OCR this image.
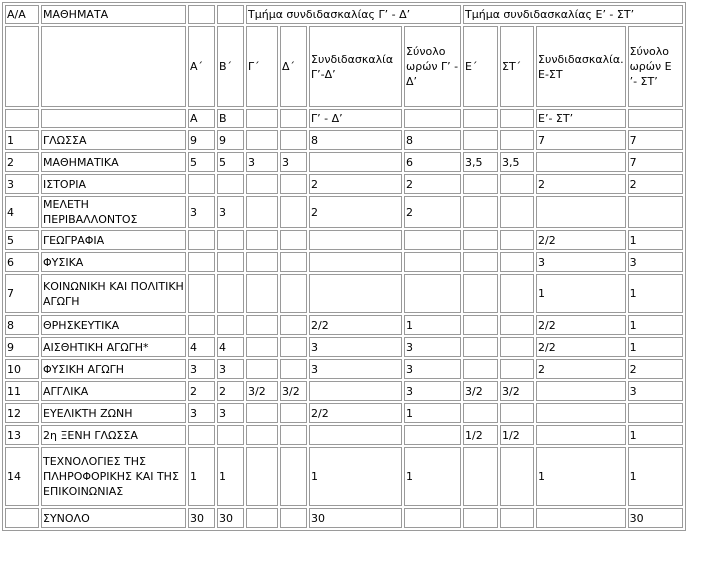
Α/Α	ΜΑΘΗΜΑΤΑ			Τμήμα συνδιδασκαλίας Γ’ - Δ’				Τμήμα συνδιδασκαλίας Ε’ - ΣΤ’			
		Α΄	Β΄	Γ΄	Δ΄	Συνδιδασκαλία Γ’-Δ’	Σύνολο ωρών Γ’ - Δ’	Ε΄	ΣΤ΄	Συνδιδασκαλία. Ε-ΣΤ	Σύνολο ωρών Ε ’- ΣΤ’
		Α	Β			Γ’ - Δ’				Ε’- ΣΤ’	
1	ΓΛΩΣΣΑ	9	9			8	8			7	7
2	ΜΑΘΗΜΑΤΙΚΑ	5	5	3	3		6	3,5	3,5		7
3	ΙΣΤΟΡΙΑ					2	2			2	2
4	ΜΕΛΕΤΗ ΠΕΡΙΒΑΛΛΟΝΤΟΣ	3	3			2	2				
5	ΓΕΩΓΡΑΦΙΑ									2/2	1
6	ΦΥΣΙΚΑ									3	3
7	ΚΟΙΝΩΝΙΚΗ ΚΑΙ ΠΟΛΙΤΙΚΗ ΑΓΩΓΗ									1	1
8	ΘΡΗΣΚΕΥΤΙΚΑ					2/2	1			2/2	1
9	ΑΙΣΘΗΤΙΚΗ ΑΓΩΓΗ*	4	4			3	3			2/2	1
10	ΦΥΣΙΚΗ ΑΓΩΓΗ	3	3			3	3			2	2
11	ΑΓΓΛΙΚΑ	2	2	3/2	3/2		3	3/2	3/2		3
12	ΕΥΕΛΙΚΤΗ ΖΩΝΗ	3	3			2/2	1				
13	2η ΞΕΝΗ ΓΛΩΣΣΑ							1/2	1/2		1
14	ΤΕΧΝΟΛΟΓΙΕΣ ΤΗΣ ΠΛΗΡΟΦΟΡΙΚΗΣ ΚΑΙ ΤΗΣ ΕΠΙΚΟΙΝΩΝΙΑΣ	1	1			1	1			1	1
	ΣΥΝΟΛΟ	30	30			30					30
